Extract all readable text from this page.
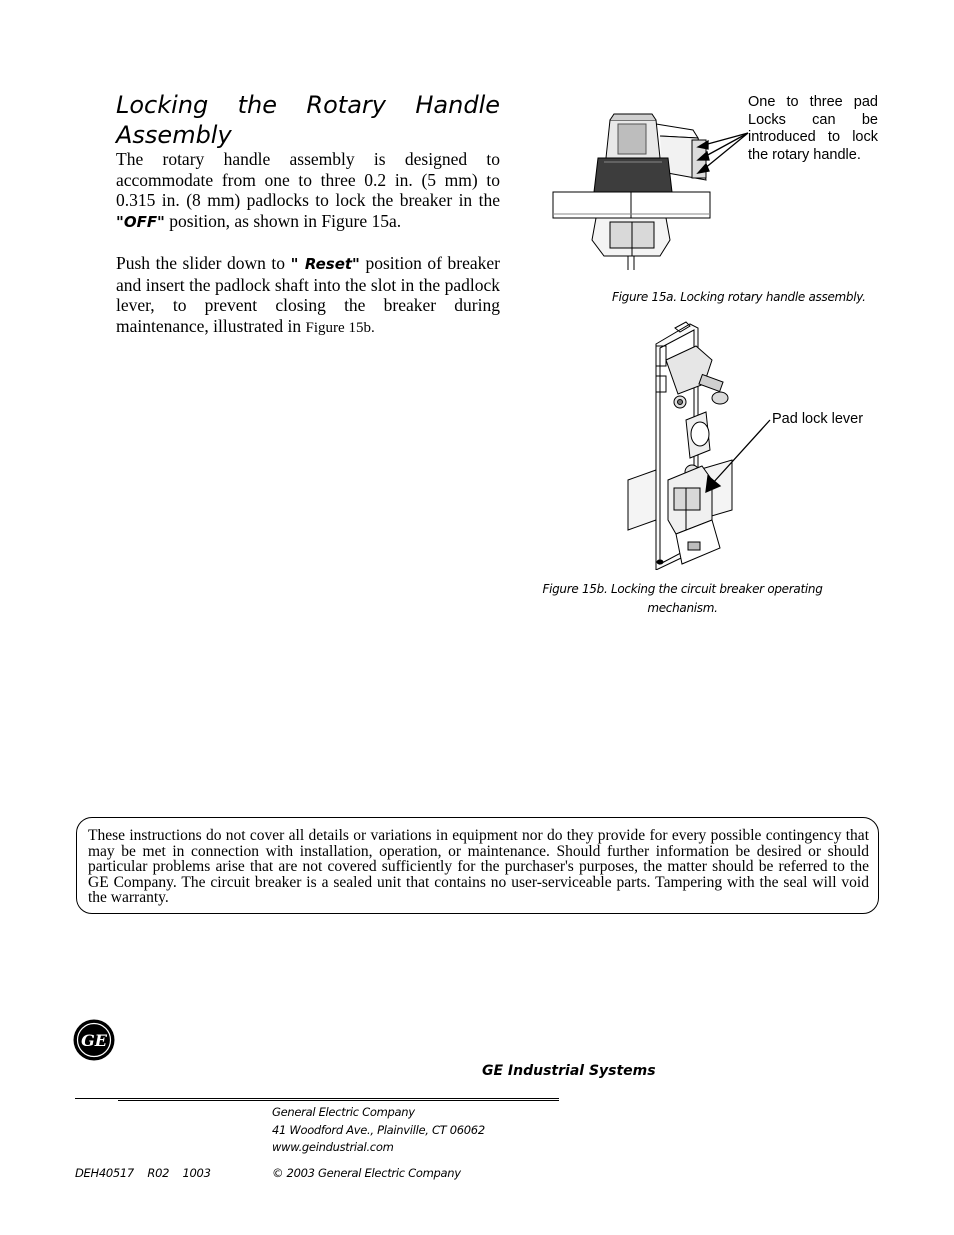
Locking the Rotary Handle Assembly

The rotary handle assembly is designed to accommodate from one to three 0.2 in. (5 mm) to 0.315 in. (8 mm) padlocks to lock the breaker in the "OFF" position, as shown in Figure 15a.

Push the slider down to " Reset" position of breaker and insert the padlock shaft into the slot in the padlock lever, to prevent closing the breaker during maintenance, illustrated in Figure 15b.

One to three pad Locks can be introduced to lock the rotary handle.
Figure 15a. Locking rotary handle assembly.
Pad lock lever
Figure 15b. Locking the circuit breaker operating
mechanism.
These instructions do not cover all details or variations in equipment nor do they provide for every possible contingency that may be met in connection with installation, operation, or maintenance. Should further information be desired or should particular problems arise that are not covered sufficiently for the purchaser's purposes, the matter should be referred to the GE Company. The circuit breaker is a sealed unit that contains no user-serviceable parts. Tampering with the seal will void the warranty.
GE
GE Industrial Systems
General Electric Company
41 Woodford Ave., Plainville, CT 06062
www.geindustrial.com
DEH40517    R02    1003	© 2003 General Electric Company
